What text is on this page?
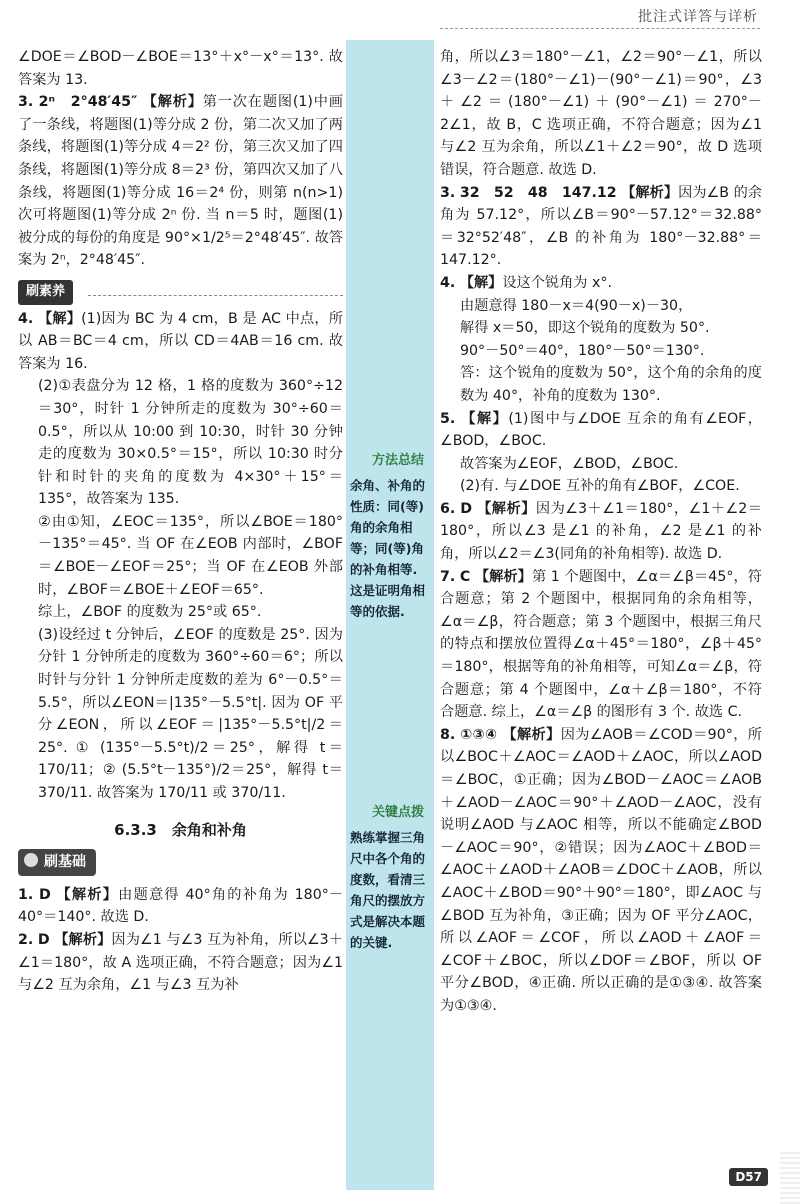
批注式详答与详析

∠DOE＝∠BOD－∠BOE＝13°＋x°－x°＝13°. 故答案为 13.

3. 2ⁿ　2°48′45″ 【解析】第一次在题图(1)中画了一条线，将题图(1)等分成 2 份，第二次又加了两条线，将题图(1)等分成 4＝2² 份，第三次又加了四条线，将题图(1)等分成 8＝2³ 份，第四次又加了八条线，将题图(1)等分成 16＝2⁴ 份，则第 n(n>1) 次可将题图(1)等分成 2ⁿ 份. 当 n＝5 时，题图(1)被分成的每份的角度是 90°×1/2⁵＝2°48′45″. 故答案为 2ⁿ，2°48′45″.

刷素养

4. 【解】(1)因为 BC 为 4 cm，B 是 AC 中点，所以 AB＝BC＝4 cm，所以 CD＝4AB＝16 cm. 故答案为 16.

(2)①表盘分为 12 格，1 格的度数为 360°÷12＝30°，时针 1 分钟所走的度数为 30°÷60＝0.5°，所以从 10:00 到 10:30，时针 30 分钟走的度数为 30×0.5°＝15°，所以 10:30 时分针和时针的夹角的度数为 4×30°＋15°＝135°，故答案为 135.

②由①知，∠EOC＝135°，所以∠BOE＝180°－135°＝45°. 当 OF 在∠EOB 内部时，∠BOF＝∠BOE－∠EOF＝25°；当 OF 在∠EOB 外部时，∠BOF＝∠BOE＋∠EOF＝65°.

综上，∠BOF 的度数为 25°或 65°.

(3)设经过 t 分钟后，∠EOF 的度数是 25°. 因为分针 1 分钟所走的度数为 360°÷60＝6°；所以时针与分针 1 分钟所走度数的差为 6°－0.5°＝5.5°，所以∠EON＝|135°－5.5°t|. 因为 OF 平分∠EON，所以∠EOF＝|135°－5.5°t|/2＝25°. ① (135°－5.5°t)/2＝25°，解得 t＝170/11；② (5.5°t－135°)/2＝25°，解得 t＝370/11. 故答案为 170/11 或 370/11.

6.3.3　余角和补角
刷基础

1. D 【解析】由题意得 40°角的补角为 180°－40°＝140°. 故选 D.

2. D 【解析】因为∠1 与∠3 互为补角，所以∠3＋∠1＝180°，故 A 选项正确，不符合题意；因为∠1 与∠2 互为余角，∠1 与∠3 互为补

方法总结
余角、补角的性质：同(等)角的余角相等；同(等)角的补角相等. 这是证明角相等的依据.
关键点拨
熟练掌握三角尺中各个角的度数，看清三角尺的摆放方式是解决本题的关键.

角，所以∠3＝180°－∠1，∠2＝90°－∠1，所以∠3－∠2＝(180°－∠1)－(90°－∠1)＝90°，∠3＋∠2＝(180°－∠1)＋(90°－∠1)＝270°－2∠1，故 B，C 选项正确，不符合题意；因为∠1 与∠2 互为余角，所以∠1＋∠2＝90°，故 D 选项错误，符合题意. 故选 D.

3. 32　52　48　147.12 【解析】因为∠B 的余角为 57.12°，所以∠B＝90°－57.12°＝32.88°＝32°52′48″，∠B 的补角为 180°－32.88°＝147.12°.

4. 【解】设这个锐角为 x°.

由题意得 180－x＝4(90－x)－30，

解得 x＝50，即这个锐角的度数为 50°.

90°－50°＝40°，180°－50°＝130°.

答：这个锐角的度数为 50°，这个角的余角的度数为 40°，补角的度数为 130°.

5. 【解】(1)图中与∠DOE 互余的角有∠EOF，∠BOD，∠BOC.

故答案为∠EOF，∠BOD，∠BOC.

(2)有. 与∠DOE 互补的角有∠BOF，∠COE.

6. D 【解析】因为∠3＋∠1＝180°，∠1＋∠2＝180°，所以∠3 是∠1 的补角，∠2 是∠1 的补角，所以∠2＝∠3(同角的补角相等). 故选 D.

7. C 【解析】第 1 个题图中，∠α＝∠β＝45°，符合题意；第 2 个题图中，根据同角的余角相等，∠α＝∠β，符合题意；第 3 个题图中，根据三角尺的特点和摆放位置得∠α＋45°＝180°，∠β＋45°＝180°，根据等角的补角相等，可知∠α＝∠β，符合题意；第 4 个题图中，∠α＋∠β＝180°，不符合题意. 综上，∠α＝∠β 的图形有 3 个. 故选 C.

8. ①③④ 【解析】因为∠AOB＝∠COD＝90°，所以∠BOC＋∠AOC＝∠AOD＋∠AOC，所以∠AOD＝∠BOC，①正确；因为∠BOD－∠AOC＝∠AOB＋∠AOD－∠AOC＝90°＋∠AOD－∠AOC，没有说明∠AOD 与∠AOC 相等，所以不能确定∠BOD－∠AOC＝90°，②错误；因为∠AOC＋∠BOD＝∠AOC＋∠AOD＋∠AOB＝∠DOC＋∠AOB，所以∠AOC＋∠BOD＝90°＋90°＝180°，即∠AOC 与∠BOD 互为补角，③正确；因为 OF 平分∠AOC，所以∠AOF＝∠COF，所以∠AOD＋∠AOF＝∠COF＋∠BOC，所以∠DOF＝∠BOF，所以 OF 平分∠BOD，④正确. 所以正确的是①③④. 故答案为①③④.

D57
